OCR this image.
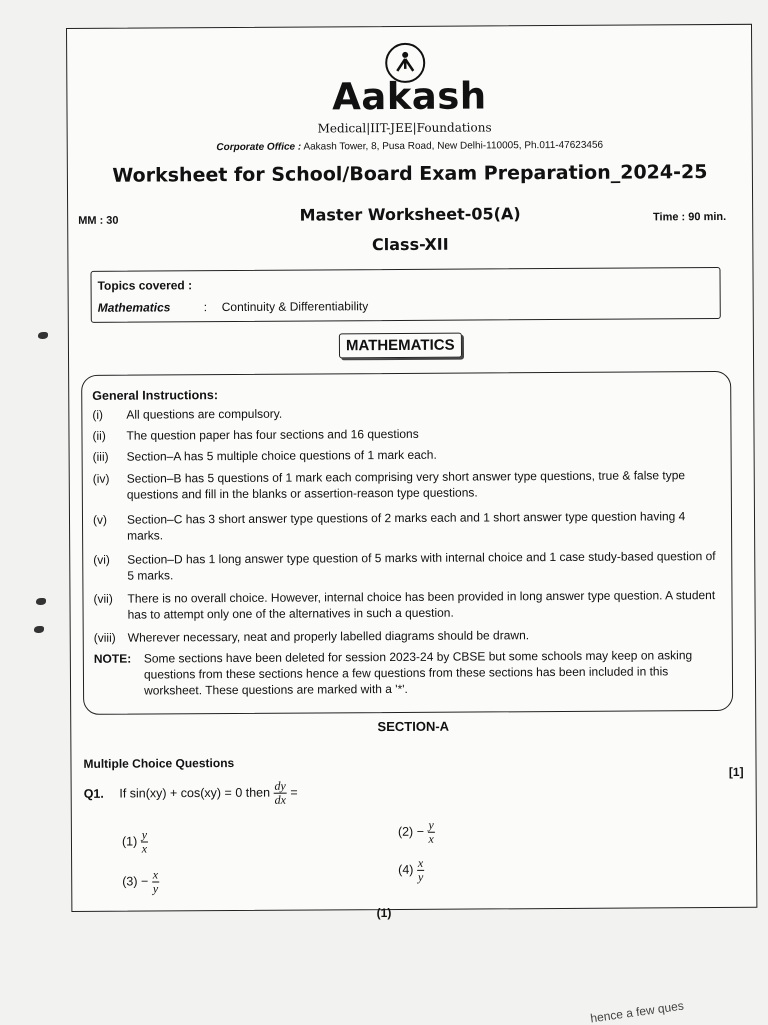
Aakash
Medical|IIT-JEE|Foundations
Corporate Office : Aakash Tower, 8, Pusa Road, New Delhi-110005, Ph.011-47623456
Worksheet for School/Board Exam Preparation_2024-25
MM : 30	Master Worksheet-05(A)	Time : 90 min.
Class-XII
Topics covered :
Mathematics	: Continuity & Differentiability
MATHEMATICS
General Instructions:
(i)	All questions are compulsory.
(ii)	The question paper has four sections and 16 questions
(iii)	Section–A has 5 multiple choice questions of 1 mark each.
(iv)	Section–B has 5 questions of 1 mark each comprising very short answer type questions, true & false type questions and fill in the blanks or assertion-reason type questions.
(v)	Section–C has 3 short answer type questions of 2 marks each and 1 short answer type question having 4 marks.
(vi)	Section–D has 1 long answer type question of 5 marks with internal choice and 1 case study-based question of 5 marks.
(vii)	There is no overall choice. However, internal choice has been provided in long answer type question. A student has to attempt only one of the alternatives in such a question.
(viii) Wherever necessary, neat and properly labelled diagrams should be drawn.
NOTE:	Some sections have been deleted for session 2023-24 by CBSE but some schools may keep on asking questions from these sections hence a few questions from these sections has been included in this worksheet. These questions are marked with a '*'.
SECTION-A
Multiple Choice Questions
[1]
Q1. If sin(xy) + cos(xy) = 0 then $\frac{dy}{dx}$ =
$(1) \frac{y}{x}$	$(2) - \frac{y}{x}$
$(3) - \frac{x}{y}$	$(4) \frac{x}{y}$
(1)
hence a few ques
